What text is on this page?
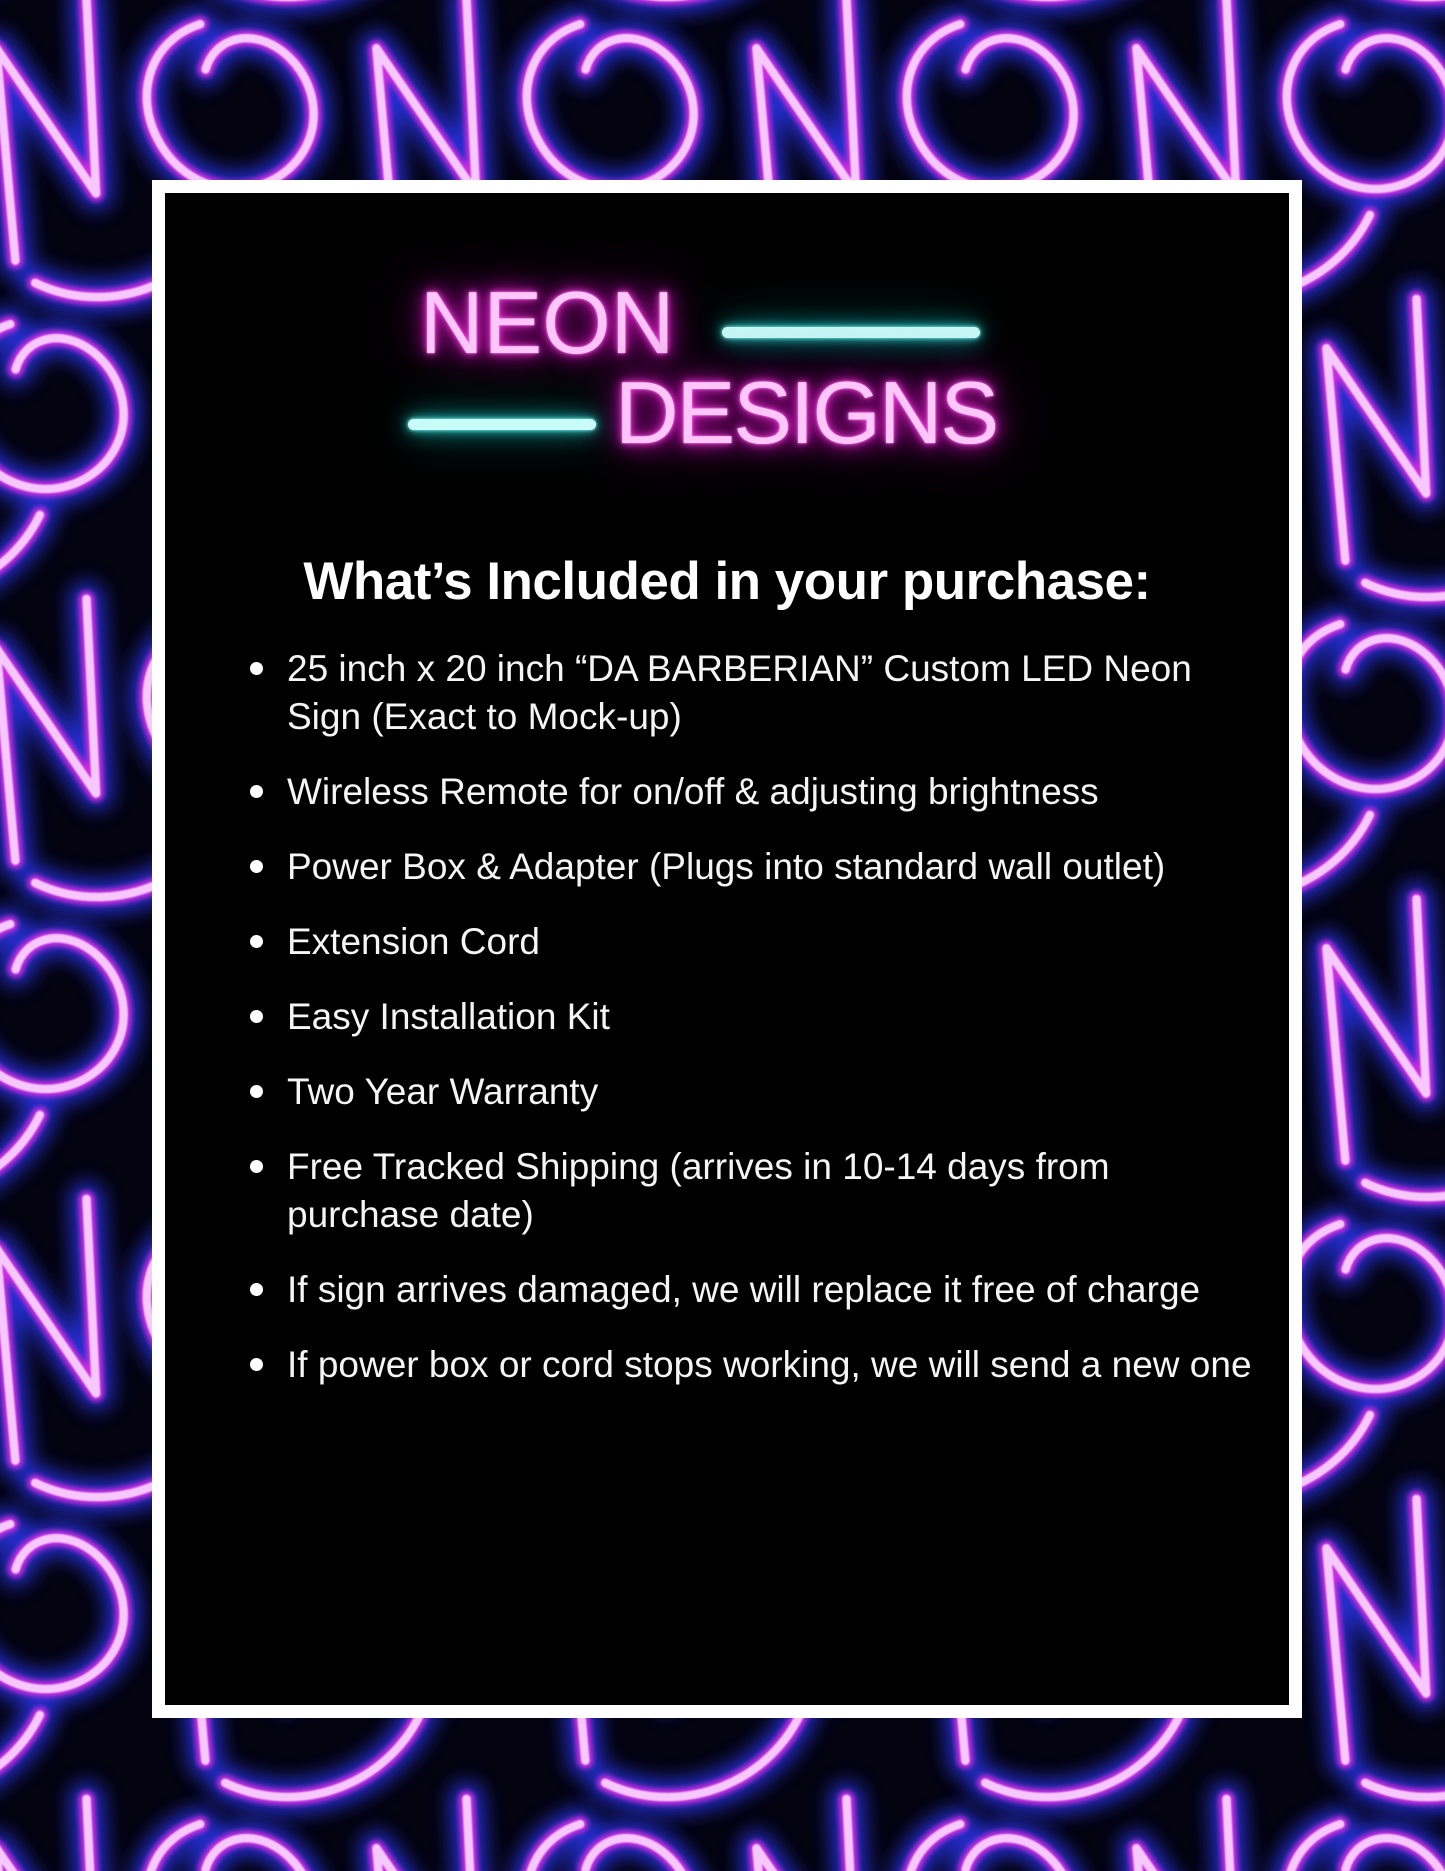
NEON
DESIGNS
What’s Included in your purchase:
25 inch x 20 inch “DA BARBERIAN” Custom LED Neon Sign (Exact to Mock-up)
Wireless Remote for on/off & adjusting brightness
Power Box & Adapter (Plugs into standard wall outlet)
Extension Cord
Easy Installation Kit
Two Year Warranty
Free Tracked Shipping (arrives in 10-14 days from purchase date)
If sign arrives damaged, we will replace it free of charge
If power box or cord stops working, we will send a new one
